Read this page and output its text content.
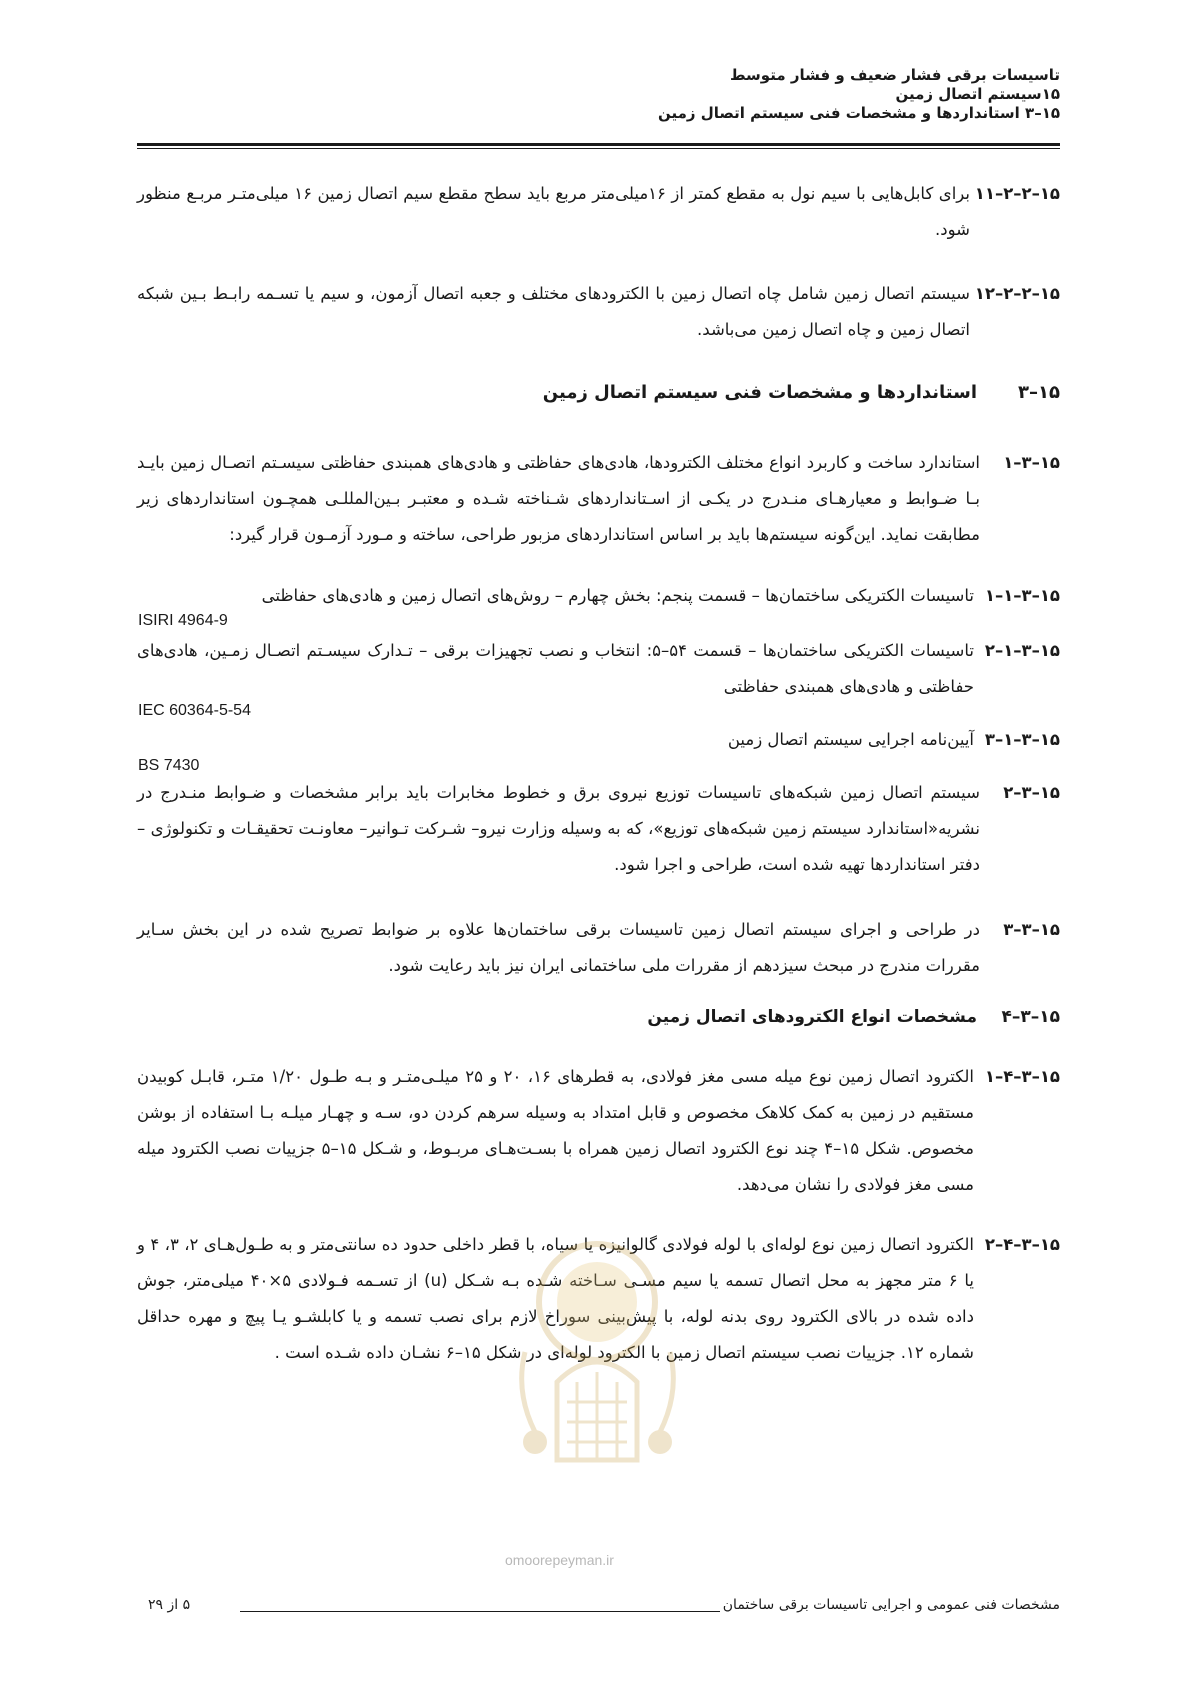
تاسیسات برقی فشار ضعیف و فشار متوسط
۱۵سیستم اتصال زمین
۱۵–۳ استانداردها و مشخصات فنی سیستم اتصال زمین
۱۵–۲–۲–۱۱
برای کابل‌هایی با سیم نول به مقطع کمتر از ۱۶میلی‌متر مربع باید سطح مقطع سیم اتصال زمین ۱۶ میلی‌متـر مربـع منظور شود.
۱۵–۲–۲–۱۲
سیستم اتصال زمین شامل چاه اتصال زمین با الکترودهای مختلف و جعبه اتصال آزمون، و سیم یا تسـمه رابـط بـین شبکه اتصال زمین و چاه اتصال زمین می‌باشد.
۱۵–۳
استانداردها و مشخصات فنی سیستم اتصال زمین
۱۵–۳–۱
استاندارد ساخت و کاربرد انواع مختلف الکترودها، هادی‌های حفاظتی و هادی‌های همبندی حفاظتی سیسـتم اتصـال زمین بایـد بـا ضـوابط و معیارهـای منـدرج در یکـی از اسـتانداردهای شـناخته شـده و معتبـر بـین‌المللـی همچـون استانداردهای زیر مطابقت نماید. این‌گونه سیستم‌ها باید بر اساس استانداردهای مزبور طراحی، ساخته و مـورد آزمـون قرار گیرد:
۱۵–۳–۱–۱
تاسیسات الکتریکی ساختمان‌ها – قسمت پنجم: بخش چهارم – روش‌های اتصال زمین و هادی‌های حفاظتی
ISIRI 4964-9
۱۵–۳–۱–۲
تاسیسات الکتریکی ساختمان‌ها – قسمت ۵۴–۵: انتخاب و نصب تجهیزات برقی – تـدارک سیسـتم اتصـال زمـین، هادی‌های حفاظتی و هادی‌های همبندی حفاظتی
IEC 60364-5-54
۱۵–۳–۱–۳
آیین‌نامه اجرایی سیستم اتصال زمین
BS 7430
۱۵–۳–۲
سیستم اتصال زمین شبکه‌های تاسیسات توزیع نیروی برق و خطوط مخابرات باید برابر مشخصات و ضـوابط منـدرج در نشریه«استاندارد سیستم زمین شبکه‌های توزیع»، که به وسیله وزارت نیرو– شـرکت تـوانیر– معاونـت تحقیقـات و تکنولوژی – دفتر استانداردها تهیه شده است، طراحی و اجرا شود.
۱۵–۳–۳
در طراحی و اجرای سیستم اتصال زمین تاسیسات برقی ساختمان‌ها علاوه بر ضوابط تصریح شده در این بخش سـایر مقررات مندرج در مبحث سیزدهم از مقررات ملی ساختمانی ایران نیز باید رعایت شود.
۱۵–۳–۴
مشخصات انواع الکترودهای اتصال زمین
۱۵–۳–۴–۱
الکترود اتصال زمین نوع میله مسی مغز فولادی، به قطرهای ۱۶، ۲۰ و ۲۵ میلـی‌متـر و بـه طـول ۱/۲۰ متـر، قابـل کوبیدن مستقیم در زمین به کمک کلاهک مخصوص و قابل امتداد به وسیله سرهم کردن دو، سـه و چهـار میلـه بـا استفاده از بوشن مخصوص. شکل ۱۵–۴ چند نوع الکترود اتصال زمین همراه با بسـت‌هـای مربـوط، و شـکل ۱۵–۵ جزییات نصب الکترود میله مسی مغز فولادی را نشان می‌دهد.
۱۵–۳–۴–۲
الکترود اتصال زمین نوع لوله‌ای با لوله فولادی گالوانیزه یا سیاه، با قطر داخلی حدود ده سانتی‌متر و به طـول‌هـای ۲، ۳، ۴ و یا ۶ متر مجهز به محل اتصال تسمه یا سیم مسـی سـاخته شـده بـه شـکل (u) از تسـمه فـولادی ۵×۴۰ میلی‌متر، جوش داده شده در بالای الکترود روی بدنه لوله، با پیش‌بینی سوراخ لازم برای نصب تسمه و یا کابلشـو یـا پیچ و مهره حداقل شماره ۱۲. جزییات نصب سیستم اتصال زمین با الکترود لوله‌ای در شکل ۱۵–۶ نشـان داده شـده است .
omoorepeyman.ir
مشخصات فنی عمومی و اجرایی تاسیسات برقی ساختمان
۵ از ۲۹
